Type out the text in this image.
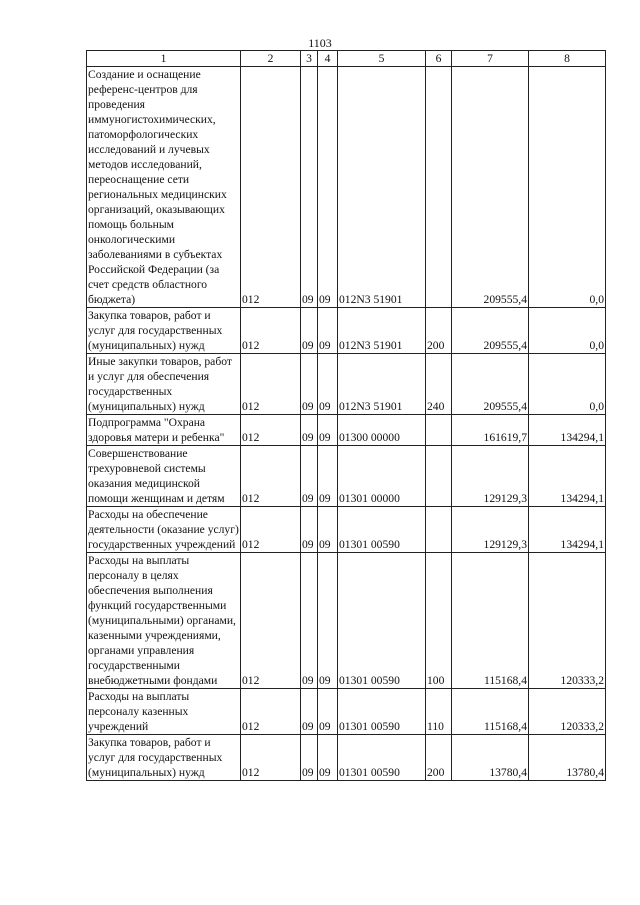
1103
1	2	3	4	5	6	7	8
Создание и оснащение референс-центров для проведения иммуногистохимических, патоморфологических исследований и лучевых методов исследований, переоснащение сети региональных медицинских организаций, оказывающих помощь больным онкологическими заболеваниями в субъектах Российской Федерации (за счет средств областного бюджета)	012	09	09	012N3 51901		209555,4	0,0
Закупка товаров, работ и услуг для государственных (муниципальных) нужд	012	09	09	012N3 51901	200	209555,4	0,0
Иные закупки товаров, работ и услуг для обеспечения государственных (муниципальных) нужд	012	09	09	012N3 51901	240	209555,4	0,0
Подпрограмма "Охрана здоровья матери и ребенка"	012	09	09	01300 00000		161619,7	134294,1
Совершенствование трехуровневой системы оказания медицинской помощи женщинам и детям	012	09	09	01301 00000		129129,3	134294,1
Расходы на обеспечение деятельности (оказание услуг) государственных учреждений	012	09	09	01301 00590		129129,3	134294,1
Расходы на выплаты персоналу в целях обеспечения выполнения функций государственными (муниципальными) органами, казенными учреждениями, органами управления государственными внебюджетными фондами	012	09	09	01301 00590	100	115168,4	120333,2
Расходы на выплаты персоналу казенных учреждений	012	09	09	01301 00590	110	115168,4	120333,2
Закупка товаров, работ и услуг для государственных (муниципальных) нужд	012	09	09	01301 00590	200	13780,4	13780,4
